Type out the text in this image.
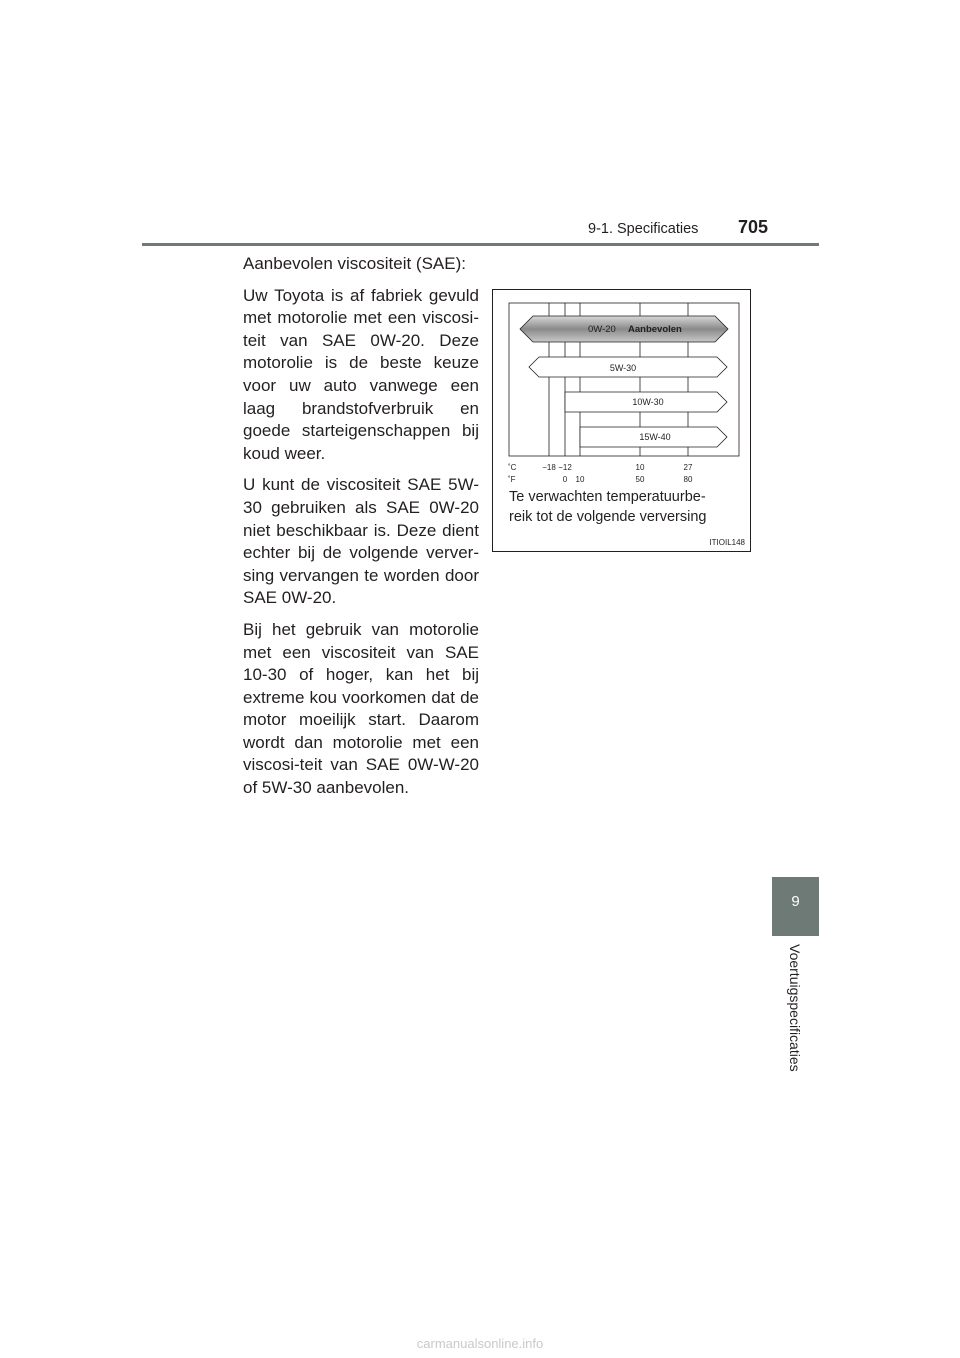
9-1. Specificaties 705
9
Voertuigspecificaties

Aanbevolen viscositeit (SAE):

Uw Toyota is af fabriek gevuld met motorolie met een viscosi-teit van SAE 0W-20. Deze motorolie is de beste keuze voor uw auto vanwege een laag brandstofverbruik en goede starteigenschappen bij koud weer.

U kunt de viscositeit SAE 5W-30 gebruiken als SAE 0W-20 niet beschikbaar is. Deze dient echter bij de volgende verver-sing vervangen te worden door SAE 0W-20.

Bij het gebruik van motorolie met een viscositeit van SAE 10-30 of hoger, kan het bij extreme kou voorkomen dat de motor moeilijk start. Daarom wordt dan motorolie met een viscosi-teit van SAE 0W-W-20 of 5W-30 aanbevolen.

0W-20 Aanbevolen
5W-30
10W-30
15W-40
˚C	−18 −12	10	27
˚F	0 10	50	80
Te verwachten temperatuurbe-
reik tot de volgende verversing
ITIOIL148
carmanualsonline.info
